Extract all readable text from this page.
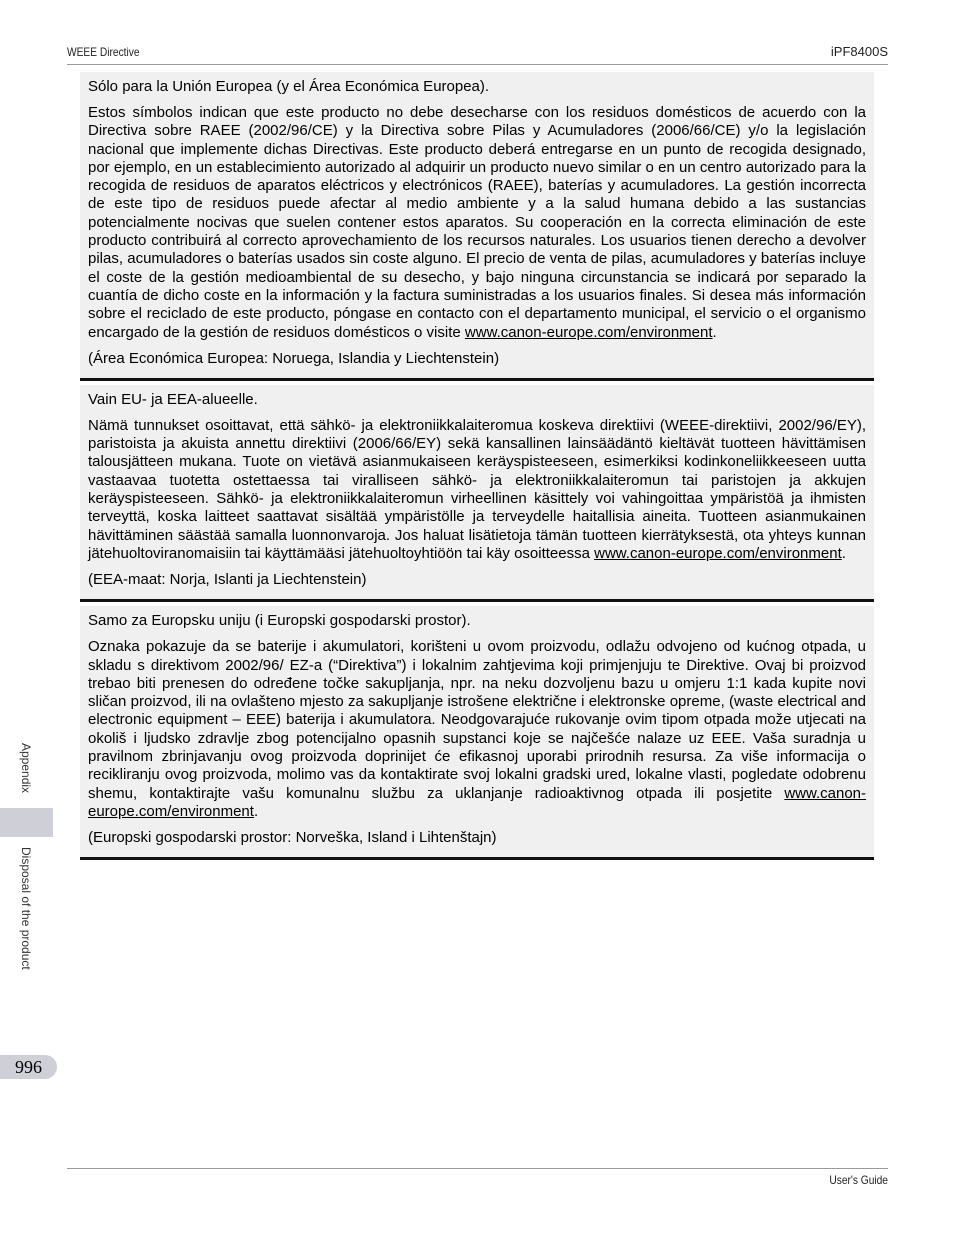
WEEE Directive	iPF8400S

Sólo para la Unión Europea (y el Área Económica Europea).

Estos símbolos indican que este producto no debe desecharse con los residuos domésticos de acuerdo con la Directiva sobre RAEE (2002/96/CE) y la Directiva sobre Pilas y Acumuladores (2006/66/CE) y/o la legislación nacional que implemente dichas Directivas. Este producto deberá entregarse en un punto de recogida designado, por ejemplo, en un establecimiento autorizado al adquirir un producto nuevo similar o en un centro autorizado para la recogida de residuos de aparatos eléctricos y electrónicos (RAEE), baterías y acumuladores. La gestión incorrecta de este tipo de residuos puede afectar al medio ambiente y a la salud humana debido a las sustancias potencialmente nocivas que suelen contener estos aparatos. Su cooperación en la correcta eliminación de este producto contribuirá al correcto aprovechamiento de los recursos naturales. Los usuarios tienen derecho a devolver pilas, acumuladores o baterías usados sin coste alguno. El precio de venta de pilas, acumuladores y baterías incluye el coste de la gestión medioambiental de su desecho, y bajo ninguna circunstancia se indicará por separado la cuantía de dicho coste en la información y la factura suministradas a los usuarios finales. Si desea más información sobre el reciclado de este producto, póngase en contacto con el departamento municipal, el servicio o el organismo encargado de la gestión de residuos domésticos o visite www.canon-europe.com/environment.

(Área Económica Europea: Noruega, Islandia y Liechtenstein)

Vain EU- ja EEA-alueelle.

Nämä tunnukset osoittavat, että sähkö- ja elektroniikkalaiteromua koskeva direktiivi (WEEE-direktiivi, 2002/96/EY), paristoista ja akuista annettu direktiivi (2006/66/EY) sekä kansallinen lainsäädäntö kieltävät tuotteen hävittämisen talousjätteen mukana. Tuote on vietävä asianmukaiseen keräyspisteeseen, esimerkiksi kodinkoneliikkeeseen uutta vastaavaa tuotetta ostettaessa tai viralliseen sähkö- ja elektroniikkalaiteromun tai paristojen ja akkujen keräyspisteeseen. Sähkö- ja elektroniikkalaiteromun virheellinen käsittely voi vahingoittaa ympäristöä ja ihmisten terveyttä, koska laitteet saattavat sisältää ympäristölle ja terveydelle haitallisia aineita. Tuotteen asianmukainen hävittäminen säästää samalla luonnonvaroja. Jos haluat lisätietoja tämän tuotteen kierrätyksestä, ota yhteys kunnan jätehuoltoviranomaisiin tai käyttämääsi jätehuoltoyhtiöön tai käy osoitteessa www.canon-europe.com/environment.

(EEA-maat: Norja, Islanti ja Liechtenstein)

Samo za Europsku uniju (i Europski gospodarski prostor).

Oznaka pokazuje da se baterije i akumulatori, korišteni u ovom proizvodu, odlažu odvojeno od kućnog otpada, u skladu s direktivom 2002/96/ EZ-a (“Direktiva”) i lokalnim zahtjevima koji primjenjuju te Direktive. Ovaj bi proizvod trebao biti prenesen do određene točke sakupljanja, npr. na neku dozvoljenu bazu u omjeru 1:1 kada kupite novi sličan proizvod, ili na ovlašteno mjesto za sakupljanje istrošene električne i elektronske opreme, (waste electrical and electronic equipment – EEE) baterija i akumulatora. Neodgovarajuće rukovanje ovim tipom otpada može utjecati na okoliš i ljudsko zdravlje zbog potencijalno opasnih supstanci koje se najčešće nalaze uz EEE. Vaša suradnja u pravilnom zbrinjavanju ovog proizvoda doprinijet će efikasnoj uporabi prirodnih resursa. Za više informacija o recikliranju ovog proizvoda, molimo vas da kontaktirate svoj lokalni gradski ured, lokalne vlasti, pogledate odobrenu shemu, kontaktirajte vašu komunalnu službu za uklanjanje radioaktivnog otpada ili posjetite www.canon-europe.com/environment.

(Europski gospodarski prostor: Norveška, Island i Lihtenštajn)

Appendix
Disposal of the product
996
User's Guide
